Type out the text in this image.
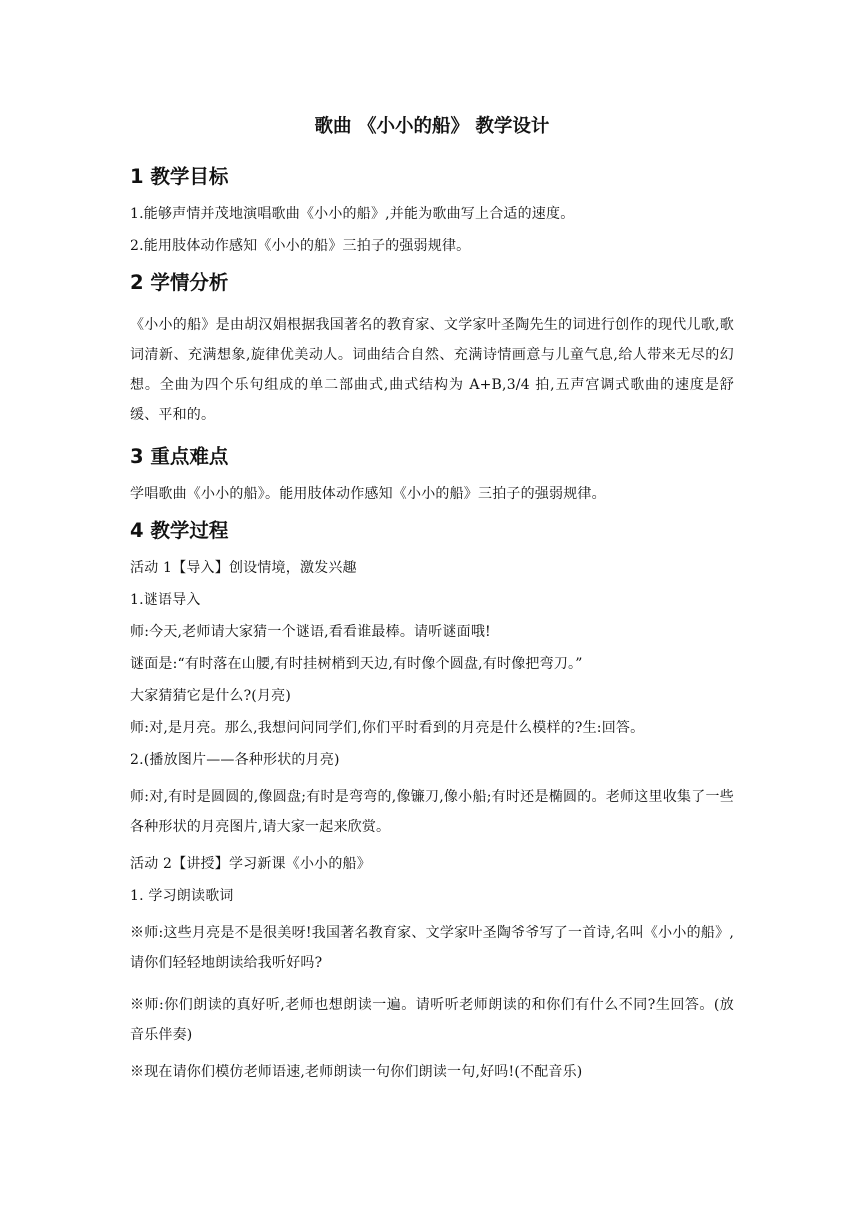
歌曲 《小小的船》 教学设计
1 教学目标

1.能够声情并茂地演唱歌曲《小小的船》,并能为歌曲写上合适的速度。

2.能用肢体动作感知《小小的船》三拍子的强弱规律。

2 学情分析

《小小的船》是由胡汉娟根据我国著名的教育家、文学家叶圣陶先生的词进行创作的现代儿歌,歌词清新、充满想象,旋律优美动人。词曲结合自然、充满诗情画意与儿童气息,给人带来无尽的幻想。全曲为四个乐句组成的单二部曲式,曲式结构为 A+B,3/4 拍,五声宫调式歌曲的速度是舒缓、平和的。

3 重点难点

学唱歌曲《小小的船》。能用肢体动作感知《小小的船》三拍子的强弱规律。

4 教学过程

活动 1【导入】创设情境，激发兴趣

1.谜语导入

师:今天,老师请大家猜一个谜语,看看谁最棒。请听谜面哦!

谜面是:“有时落在山腰,有时挂树梢到天边,有时像个圆盘,有时像把弯刀。”

大家猜猜它是什么?(月亮)

师:对,是月亮。那么,我想问问同学们,你们平时看到的月亮是什么模样的?生:回答。

2.(播放图片——各种形状的月亮)

师:对,有时是圆圆的,像圆盘;有时是弯弯的,像镰刀,像小船;有时还是椭圆的。老师这里收集了一些各种形状的月亮图片,请大家一起来欣赏。

活动 2【讲授】学习新课《小小的船》

1. 学习朗读歌词

※师:这些月亮是不是很美呀!我国著名教育家、文学家叶圣陶爷爷写了一首诗,名叫《小小的船》,请你们轻轻地朗读给我听好吗?

※师:你们朗读的真好听,老师也想朗读一遍。请听听老师朗读的和你们有什么不同?生回答。(放音乐伴奏)

※现在请你们模仿老师语速,老师朗读一句你们朗读一句,好吗!(不配音乐)
